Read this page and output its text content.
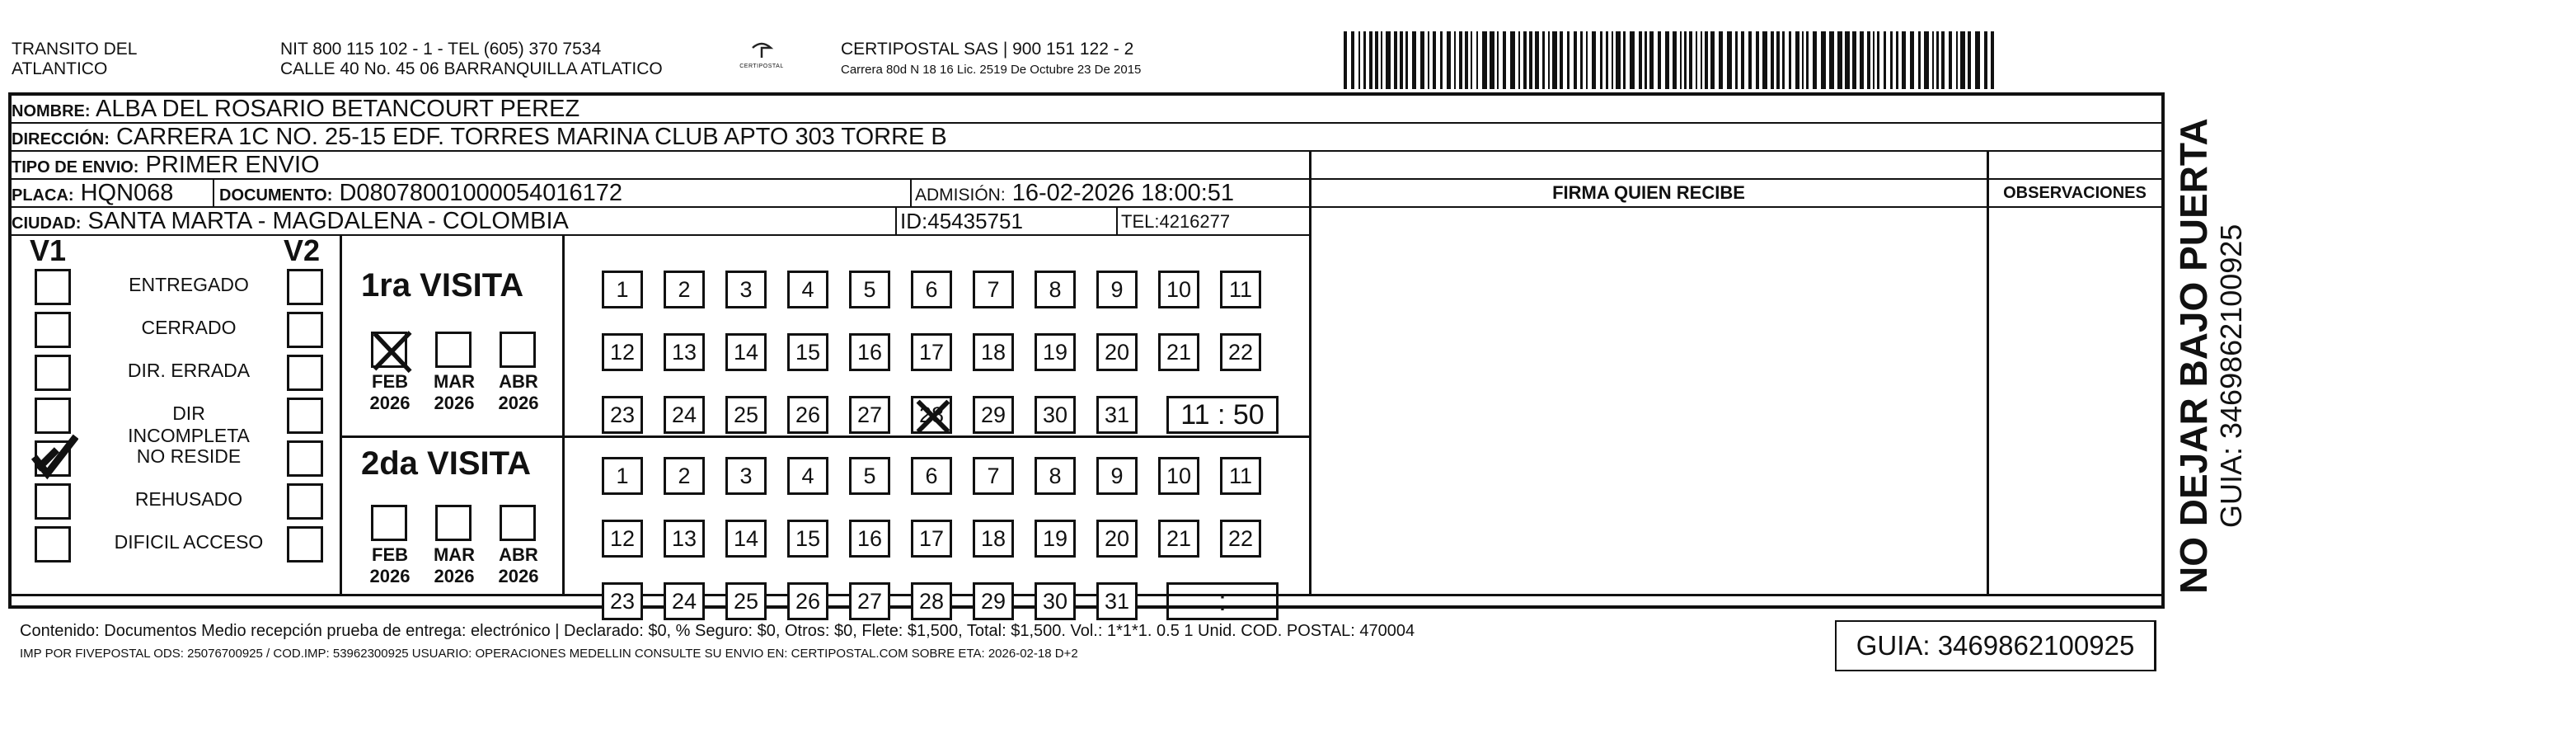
TRANSITO DEL
ATLANTICO
NIT 800 115 102 - 1 - TEL (605) 370 7534
CALLE 40 No. 45 06 BARRANQUILLA ATLATICO	CERTIPOSTAL
CERTIPOSTAL SAS | 900 151 122 - 2
Carrera 80d N 18 16 Lic. 2519 De Octubre 23 De 2015
NOMBRE: ALBA DEL ROSARIO BETANCOURT PEREZ
DIRECCIÓN: CARRERA 1C NO. 25-15 EDF. TORRES MARINA CLUB APTO 303 TORRE B
TIPO DE ENVIO: PRIMER ENVIO
PLACA: HQN068	DOCUMENTO: D08078001000054016172	ADMISIÓN: 16-02-2026 18:00:51
CIUDAD: SANTA MARTA - MAGDALENA - COLOMBIA	ID:45435751	TEL:4216277
FIRMA QUIEN RECIBE	OBSERVACIONES
V1	V2
ENTREGADO
CERRADO
DIR. ERRADA
DIR INCOMPLETA
NO RESIDE
REHUSADO
DIFICIL ACCESO
1ra VISITA
FEB
2026
MAR
2026
ABR
2026
1	2	3	4	5	6	7	8	9	10	11
12	13	14	15	16	17	18	19	20	21	22
23	24	25	26	27	28	29	30	31	11 : 50
2da VISITA
FEB
2026
MAR
2026
ABR
2026
1	2	3	4	5	6	7	8	9	10	11
12	13	14	15	16	17	18	19	20	21	22
23	24	25	26	27	28	29	30	31	:
Contenido: Documentos Medio recepción prueba de entrega: electrónico | Declarado: $0, % Seguro: $0, Otros: $0, Flete: $1,500, Total: $1,500. Vol.: 1*1*1. 0.5 1 Unid. COD. POSTAL: 470004
IMP POR FIVEPOSTAL ODS: 25076700925 / COD.IMP: 53962300925 USUARIO: OPERACIONES MEDELLIN CONSULTE SU ENVIO EN: CERTIPOSTAL.COM SOBRE ETA: 2026-02-18 D+2	GUIA: 3469862100925
NO DEJAR BAJO PUERTA GUIA: 3469862100925
